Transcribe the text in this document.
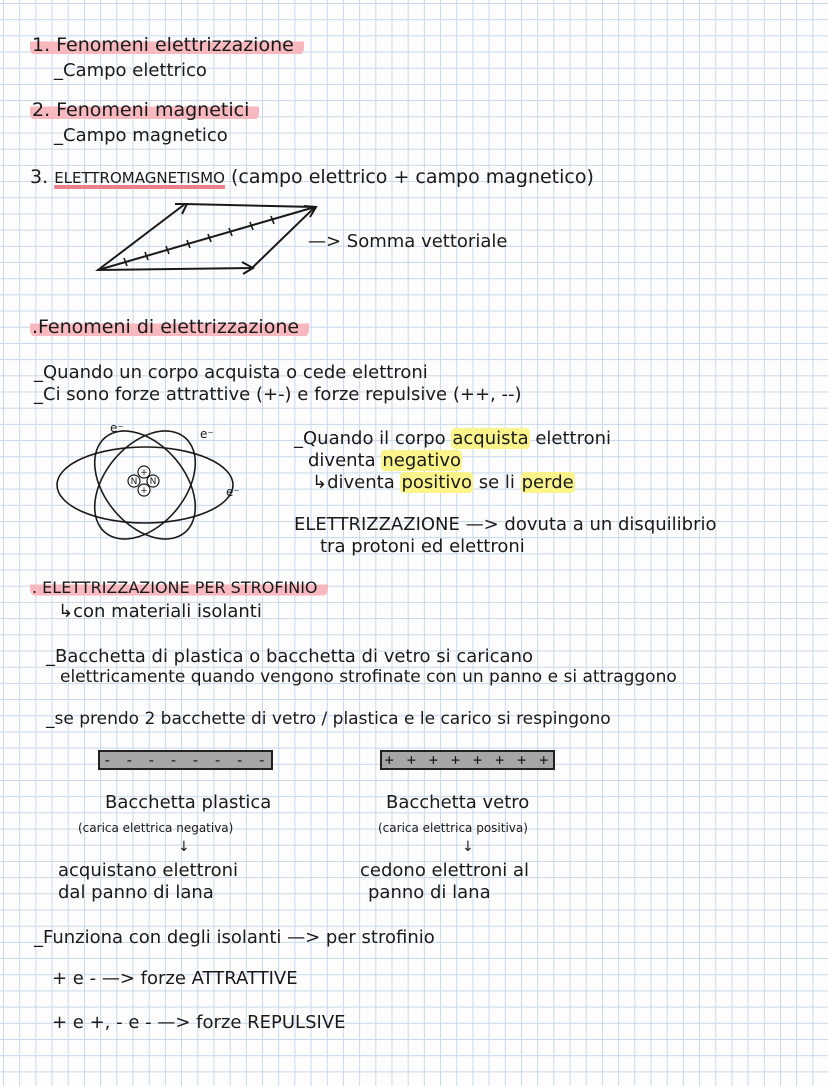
1. Fenomeni elettrizzazione
_Campo elettrico
2. Fenomeni magnetici
_Campo magnetico
3. ELETTROMAGNETISMO (campo elettrico + campo magnetico)
—> Somma vettoriale
.Fenomeni di elettrizzazione
_Quando un corpo acquista o cede elettroni
_Ci sono forze attrattive (+-) e forze repulsive (++, --)
+
N N
+
e⁻	e⁻
e⁻
_Quando il corpo acquista elettroni
diventa negativo
↳diventa positivo se li perde
ELETTRIZZAZIONE —> dovuta a un disquilibrio
tra protoni ed elettroni
. ELETTRIZZAZIONE PER STROFINIO
↳con materiali isolanti
_Bacchetta di plastica o bacchetta di vetro si caricano
elettricamente quando vengono strofinate con un panno e si attraggono
_se prendo 2 bacchette di vetro / plastica e le carico si respingono
- - - - - - - -	+ + + + + + + +
Bacchetta plastica
(carica elettrica negativa)
↓
acquistano elettroni
dal panno di lana
Bacchetta vetro
(carica elettrica positiva)
↓
cedono elettroni al
panno di lana
_Funziona con degli isolanti —> per strofinio
+ e - —> forze ATTRATTIVE
+ e +, - e - —> forze REPULSIVE
